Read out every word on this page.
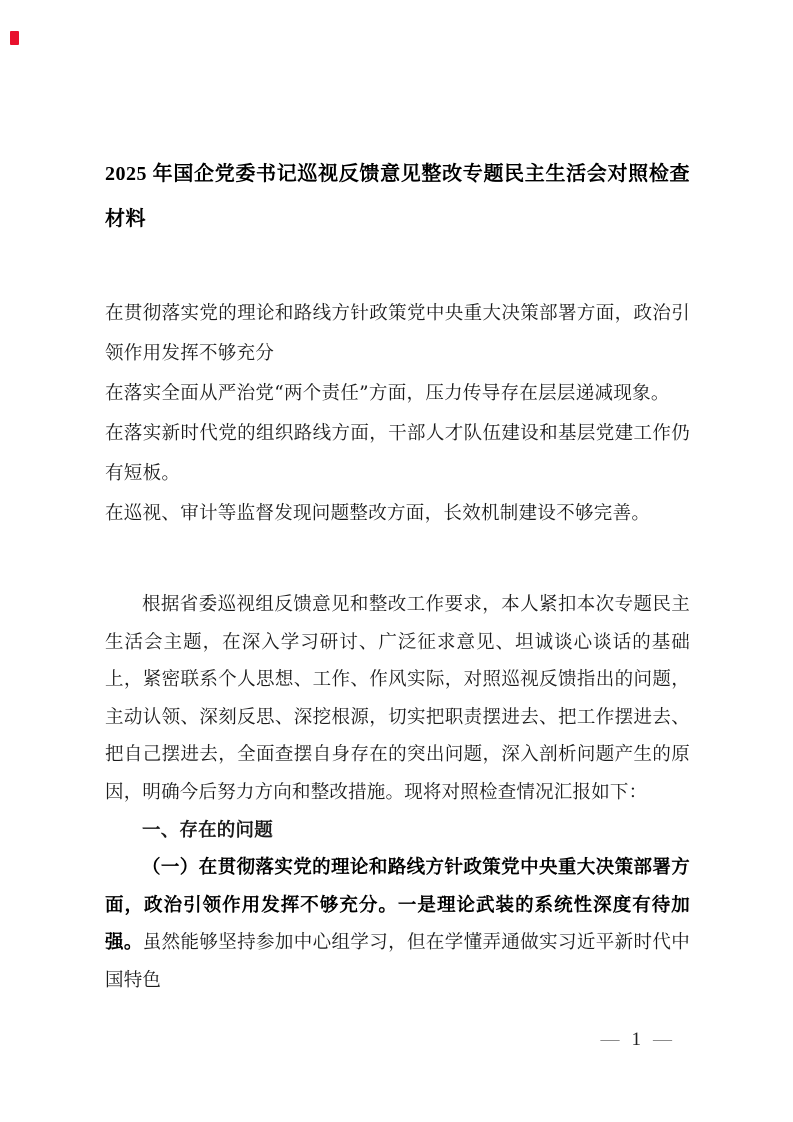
2025 年国企党委书记巡视反馈意见整改专题民主生活会对照检查材料

在贯彻落实党的理论和路线方针政策党中央重大决策部署方面，政治引领作用发挥不够充分

在落实全面从严治党“两个责任”方面，压力传导存在层层递减现象。

在落实新时代党的组织路线方面，干部人才队伍建设和基层党建工作仍有短板。

在巡视、审计等监督发现问题整改方面，长效机制建设不够完善。

根据省委巡视组反馈意见和整改工作要求，本人紧扣本次专题民主生活会主题，在深入学习研讨、广泛征求意见、坦诚谈心谈话的基础上，紧密联系个人思想、工作、作风实际，对照巡视反馈指出的问题，主动认领、深刻反思、深挖根源，切实把职责摆进去、把工作摆进去、把自己摆进去，全面查摆自身存在的突出问题，深入剖析问题产生的原因，明确今后努力方向和整改措施。现将对照检查情况汇报如下：

一、存在的问题

（一）在贯彻落实党的理论和路线方针政策党中央重大决策部署方面，政治引领作用发挥不够充分。一是理论武装的系统性深度有待加强。虽然能够坚持参加中心组学习，但在学懂弄通做实习近平新时代中国特色

— 1 —
